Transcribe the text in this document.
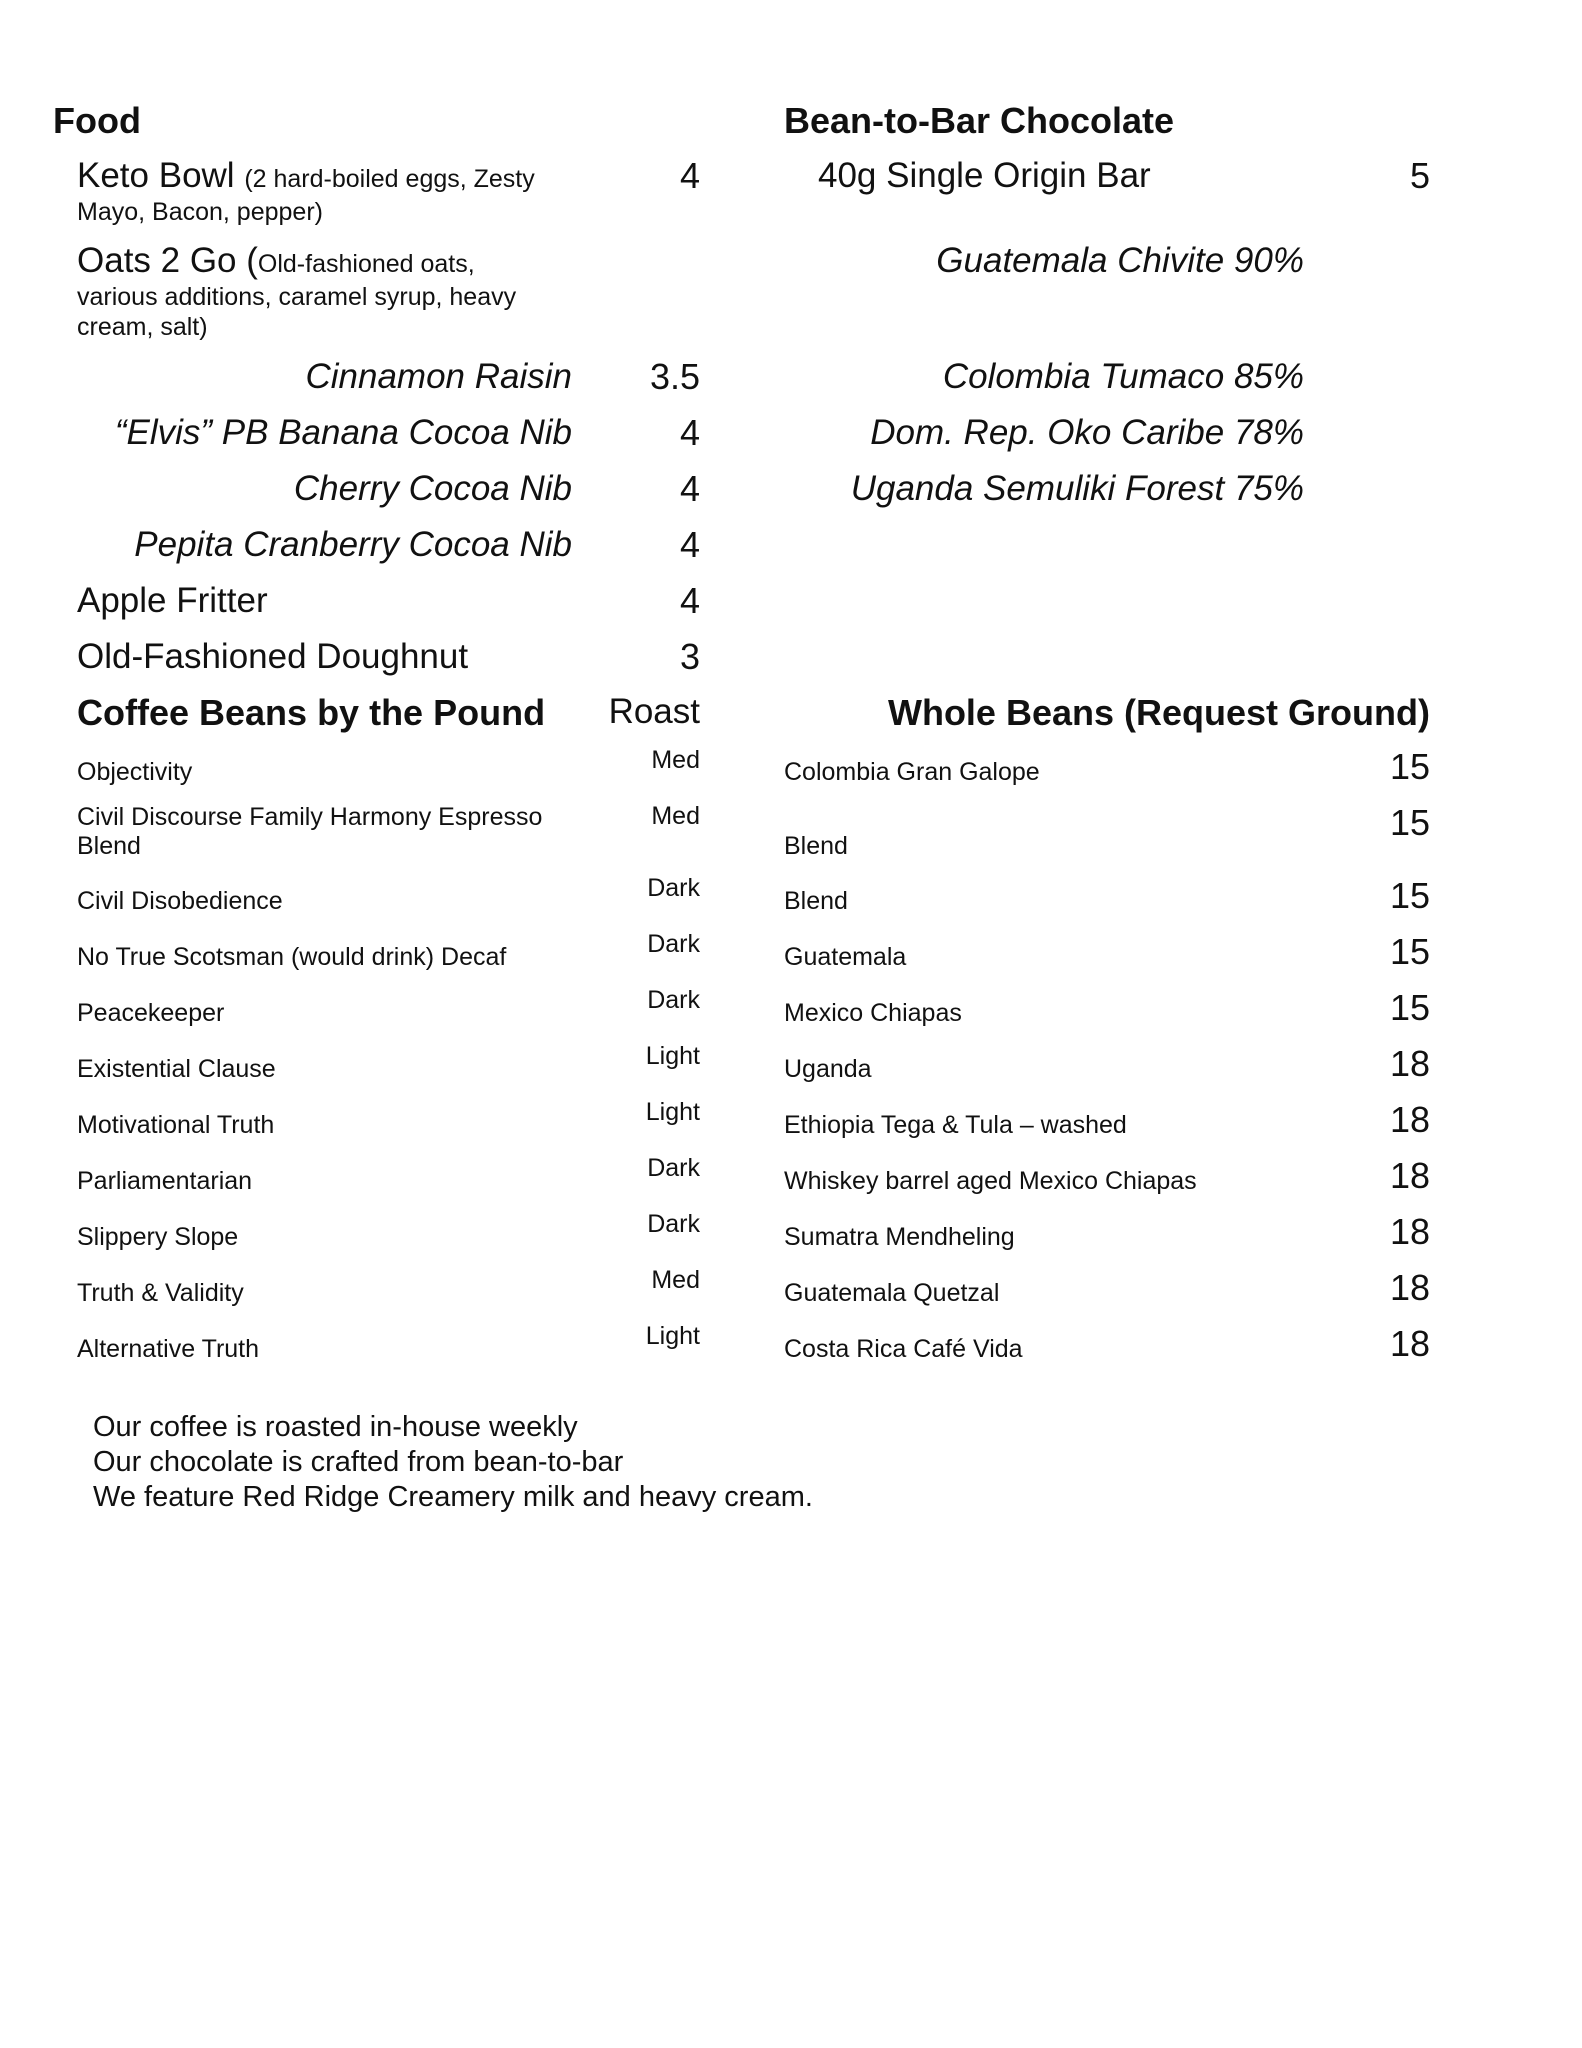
Food
Keto Bowl (2 hard-boiled eggs, Zesty
Mayo, Bacon, pepper)
4
Oats 2 Go (Old-fashioned oats,
various additions, caramel syrup, heavy
cream, salt)
Cinnamon Raisin	3.5
“Elvis” PB Banana Cocoa Nib	4
Cherry Cocoa Nib	4
Pepita Cranberry Cocoa Nib	4
Apple Fritter	4
Old-Fashioned Doughnut	3
Bean-to-Bar Chocolate
40g Single Origin Bar	5
Guatemala Chivite 90%
Colombia Tumaco 85%
Dom. Rep. Oko Caribe 78%
Uganda Semuliki Forest 75%
Coffee Beans by the Pound	Roast
Objectivity	Med
Civil Discourse Family Harmony Espresso
Blend
Med
Civil Disobedience	Dark
No True Scotsman (would drink) Decaf	Dark
Peacekeeper	Dark
Existential Clause	Light
Motivational Truth	Light
Parliamentarian	Dark
Slippery Slope	Dark
Truth & Validity	Med
Alternative Truth	Light
Whole Beans (Request Ground)
Colombia Gran Galope	15
Blend
15
Blend	15
Guatemala	15
Mexico Chiapas	15
Uganda	18
Ethiopia Tega & Tula – washed	18
Whiskey barrel aged Mexico Chiapas	18
Sumatra Mendheling	18
Guatemala Quetzal	18
Costa Rica Café Vida	18
Our coffee is roasted in-house weekly
Our chocolate is crafted from bean-to-bar
We feature Red Ridge Creamery milk and heavy cream.
